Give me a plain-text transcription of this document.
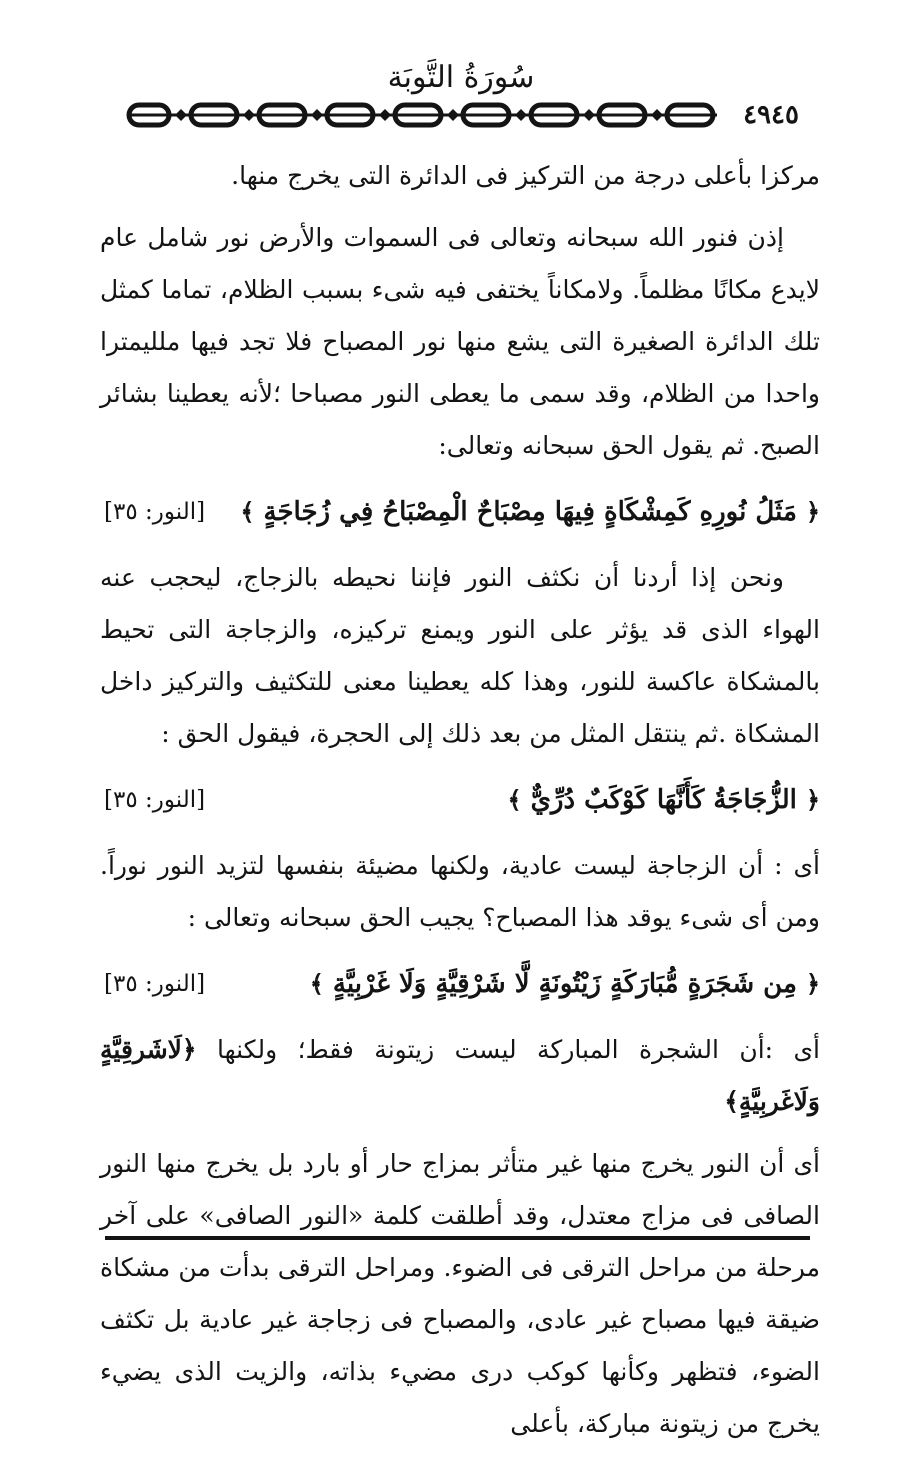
سُورَةُ التَّوبَة
٤٩٤٥

مركزا بأعلى درجة من التركيز فى الدائرة التى يخرج منها.

إذن فنور الله سبحانه وتعالى فى السموات والأرض نور شامل عام لايدع مكانًا مظلماً. ولامكاناً يختفى فيه شىء بسبب الظلام، تماما كمثل تلك الدائرة الصغيرة التى يشع منها نور المصباح فلا تجد فيها ملليمترا واحدا من الظلام، وقد سمى ما يعطى النور مصباحا ؛لأنه يعطينا بشائر الصبح. ثم يقول الحق سبحانه وتعالى:

﴿ مَثَلُ نُورِهِ كَمِشْكَاةٍ فِيهَا مِصْبَاحٌ الْمِصْبَاحُ فِي زُجَاجَةٍ ﴾
[النور: ٣٥]

ونحن إذا أردنا أن نكثف النور فإننا نحيطه بالزجاج، ليحجب عنه الهواء الذى قد يؤثر على النور ويمنع تركيزه، والزجاجة التى تحيط بالمشكاة عاكسة للنور، وهذا كله يعطينا معنى للتكثيف والتركيز داخل المشكاة .ثم ينتقل المثل من بعد ذلك إلى الحجرة، فيقول الحق :

﴿ الزُّجَاجَةُ كَأَنَّهَا كَوْكَبٌ دُرِّيٌّ ﴾
[النور: ٣٥]

أى : أن الزجاجة ليست عادية، ولكنها مضيئة بنفسها لتزيد النور نوراً. ومن أى شىء يوقد هذا المصباح؟ يجيب الحق سبحانه وتعالى :

﴿ مِن شَجَرَةٍ مُّبَارَكَةٍ زَيْتُونَةٍ لَّا شَرْقِيَّةٍ وَلَا غَرْبِيَّةٍ ﴾
[النور: ٣٥]

أى :أن الشجرة المباركة ليست زيتونة فقط؛ ولكنها ﴿لَاشَرقِيَّةٍ وَلَاغَربِيَّةٍ﴾

أى أن النور يخرج منها غير متأثر بمزاج حار أو بارد بل يخرج منها النور الصافى فى مزاج معتدل، وقد أطلقت كلمة «النور الصافى» على آخر مرحلة من مراحل الترقى فى الضوء. ومراحل الترقى بدأت من مشكاة ضيقة فيها مصباح غير عادى، والمصباح فى زجاجة غير عادية بل تكثف الضوء، فتظهر وكأنها كوكب درى مضيء بذاته، والزيت الذى يضيء يخرج من زيتونة مباركة، بأعلى
